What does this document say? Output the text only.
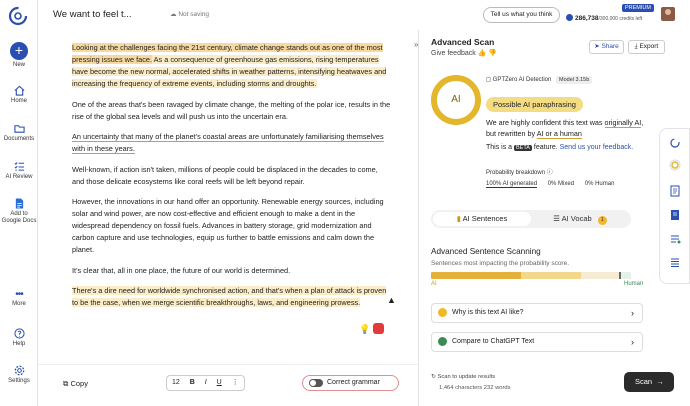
+
New
Home
Documents
AI Review
Add to Google Docs
•••
More
Help
Settings
We want to feel t...	☁ Not saving	Tell us what you think
PREMIUM
286,738/300,000 credits left

Looking at the challenges facing the 21st century, climate change stands out as one of the most pressing issues we face. As a consequence of greenhouse gas emissions, rising temperatures have become the new normal, accelerated shifts in weather patterns, intensifying heatwaves and increasing the frequency of extreme events, including storms and droughts.

One of the areas that's been ravaged by climate change, the melting of the polar ice, results in the rise of the global sea levels and will push us into the uncertain era.

An uncertainty that many of the planet's coastal areas are unfortunately familiarising themselves with in these years.

Well-known, if action isn't taken, millions of people could be displaced in the decades to come, and those delicate ecosystems like coral reefs will be left beyond repair.

However, the innovations in our hand offer an opportunity. Renewable energy sources, including solar and wind power, are now cost-effective and efficient enough to make a dent in the widespread dependency on fossil fuels. Advances in battery storage, grid modernization and carbon capture and use technologies, equip us further to battle emissions and calm down the planet.

It's clear that, all in one place, the future of our world is determined.

There's a dire need for worldwide synchronised action, and that's when a plan of attack is proven to be the case, when we merge scientific breakthroughs, laws, and engineering prowess.

💡
▲
⧉ Copy	12 B I U ⋮	Correct grammar
» Advanced Scan
Give feedback 👍 👎
➤ Share	⤓ Export
AI
◻ GPTZero AI Detection Model 3.15b
Possible AI paraphrasing
We are highly confident this text was originally AI, but rewritten by AI or a human
This is a BETA feature. Send us your feedback.
Probability breakdown ⓘ
100% AI generated 0% Mixed 0% Human
▮ AI Sentences	☰ AI Vocab 1
Advanced Sentence Scanning
Sentences most impacting the probability score.
AI	Human
Why is this text AI like?	›
Compare to ChatGPT Text	›
↻ Scan to update results
1,464 characters 232 words
Scan  →
